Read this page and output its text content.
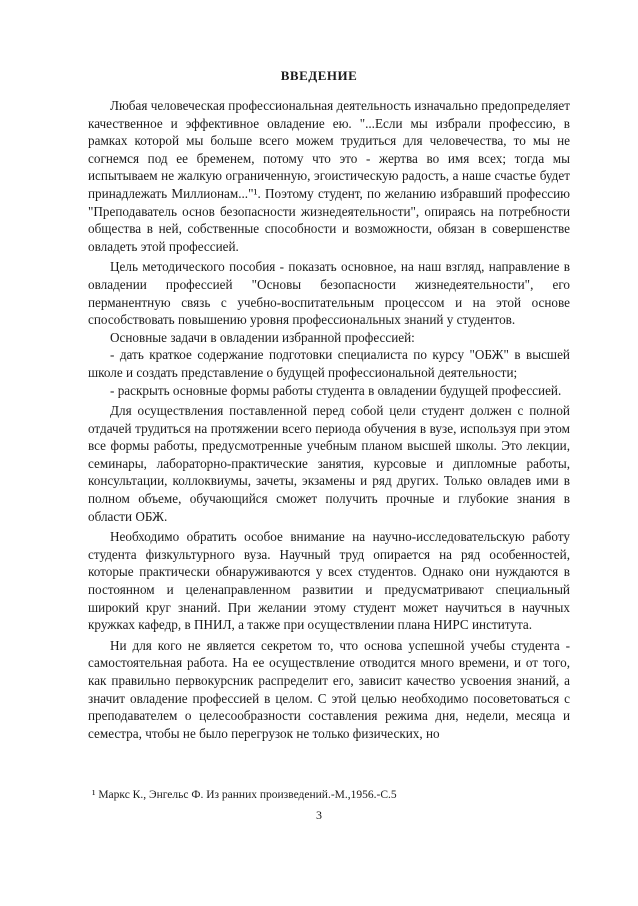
ВВЕДЕНИЕ

Любая человеческая профессиональная деятельность изначально предопределяет качественное и эффективное овладение ею. "...Если мы избрали профессию, в рамках которой мы больше всего можем трудиться для человечества, то мы не согнемся под ее бременем, потому что это - жертва во имя всех; тогда мы испытываем не жалкую ограниченную, эгоистическую радость, а наше счастье будет принадлежать Миллионам..."¹. Поэтому студент, по желанию избравший профессию "Преподаватель основ безопасности жизнедеятельности", опираясь на потребности общества в ней, собственные способности и возможности, обязан в совершенстве овладеть этой профессией.

Цель методического пособия - показать основное, на наш взгляд, направление в овладении профессией "Основы безопасности жизнедеятельности", его перманентную связь с учебно-воспитательным процессом и на этой основе способствовать повышению уровня профессиональных знаний у студентов.

Основные задачи в овладении избранной профессией:

- дать краткое содержание подготовки специалиста по курсу "ОБЖ" в высшей школе и создать представление о будущей профессиональной деятельности;

- раскрыть основные формы работы студента в овладении будущей профессией.

Для осуществления поставленной перед собой цели студент должен с полной отдачей трудиться на протяжении всего периода обучения в вузе, используя при этом все формы работы, предусмотренные учебным планом высшей школы. Это лекции, семинары, лабораторно-практические занятия, курсовые и дипломные работы, консультации, коллоквиумы, зачеты, экзамены и ряд других. Только овладев ими в полном объеме, обучающийся сможет получить прочные и глубокие знания в области ОБЖ.

Необходимо обратить особое внимание на научно-исследовательскую работу студента физкультурного вуза. Научный труд опирается на ряд особенностей, которые практически обнаруживаются у всех студентов. Однако они нуждаются в постоянном и целенаправленном развитии и предусматривают специальный широкий круг знаний. При желании этому студент может научиться в научных кружках кафедр, в ПНИЛ, а также при осуществлении плана НИРС института.

Ни для кого не является секретом то, что основа успешной учебы студента - самостоятельная работа. На ее осуществление отводится много времени, и от того, как правильно первокурсник распределит его, зависит качество усвоения знаний, а значит овладение профессией в целом. С этой целью необходимо посоветоваться с преподавателем о целесообразности составления режима дня, недели, месяца и семестра, чтобы не было перегрузок не только физических, но

¹ Маркс К., Энгельс Ф. Из ранних произведений.-М.,1956.-С.5
3
